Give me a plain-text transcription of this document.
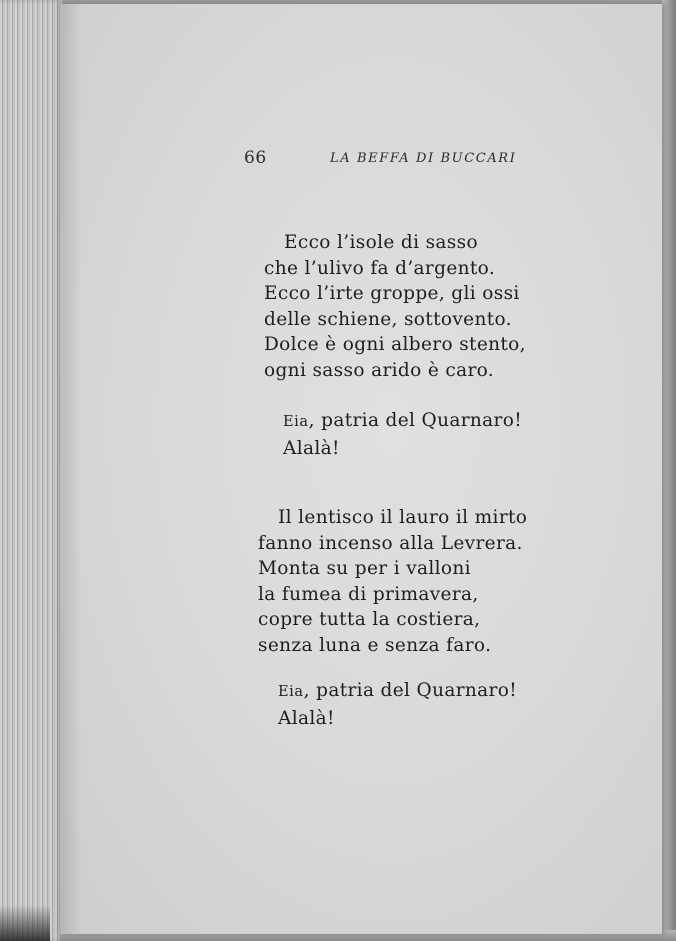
66	LA BEFFA DI BUCCARI
Ecco l’isole di sasso
che l’ulivo fa d’argento.
Ecco l’irte groppe, gli ossi
delle schiene, sottovento.
Dolce è ogni albero stento,
ogni sasso arido è caro.
Eia, patria del Quarnaro!
Alalà!
Il lentisco il lauro il mirto
fanno incenso alla Levrera.
Monta su per i valloni
la fumea di primavera,
copre tutta la costiera,
senza luna e senza faro.
Eia, patria del Quarnaro!
Alalà!
